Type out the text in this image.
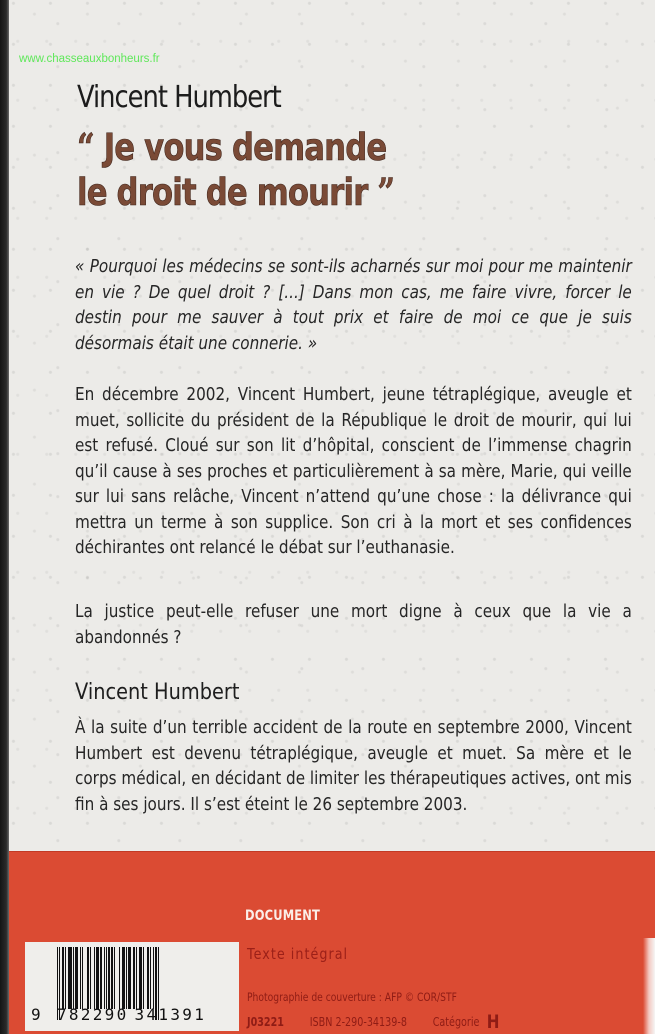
www.chasseauxbonheurs.fr
Vincent Humbert
“ Je vous demande
le droit de mourir ”
« Pourquoi les médecins se sont-ils acharnés sur moi pour me maintenir en vie ? De quel droit ? [...] Dans mon cas, me faire vivre, forcer le destin pour me sauver à tout prix et faire de moi ce que je suis désormais était une connerie. »
En décembre 2002, Vincent Humbert, jeune tétraplégique, aveugle et muet, sollicite du président de la République le droit de mourir, qui lui est refusé. Cloué sur son lit d’hôpital, conscient de l’immense chagrin qu’il cause à ses proches et particulièrement à sa mère, Marie, qui veille sur lui sans relâche, Vincent n’attend qu’une chose : la délivrance qui mettra un terme à son supplice. Son cri à la mort et ses confidences déchirantes ont relancé le débat sur l’euthanasie.
La justice peut-elle refuser une mort digne à ceux que la vie a abandonnés ?
Vincent Humbert
À la suite d’un terrible accident de la route en septembre 2000, Vincent Humbert est devenu tétraplégique, aveugle et muet. Sa mère et le corps médical, en décidant de limiter les thérapeutiques actives, ont mis fin à ses jours. Il s’est éteint le 26 septembre 2003.
DOCUMENT
Texte intégral
Photographie de couverture : AFP © COR/STF
J03221 ISBN 2-290-34139-8 Catégorie H
9 782290 341391
